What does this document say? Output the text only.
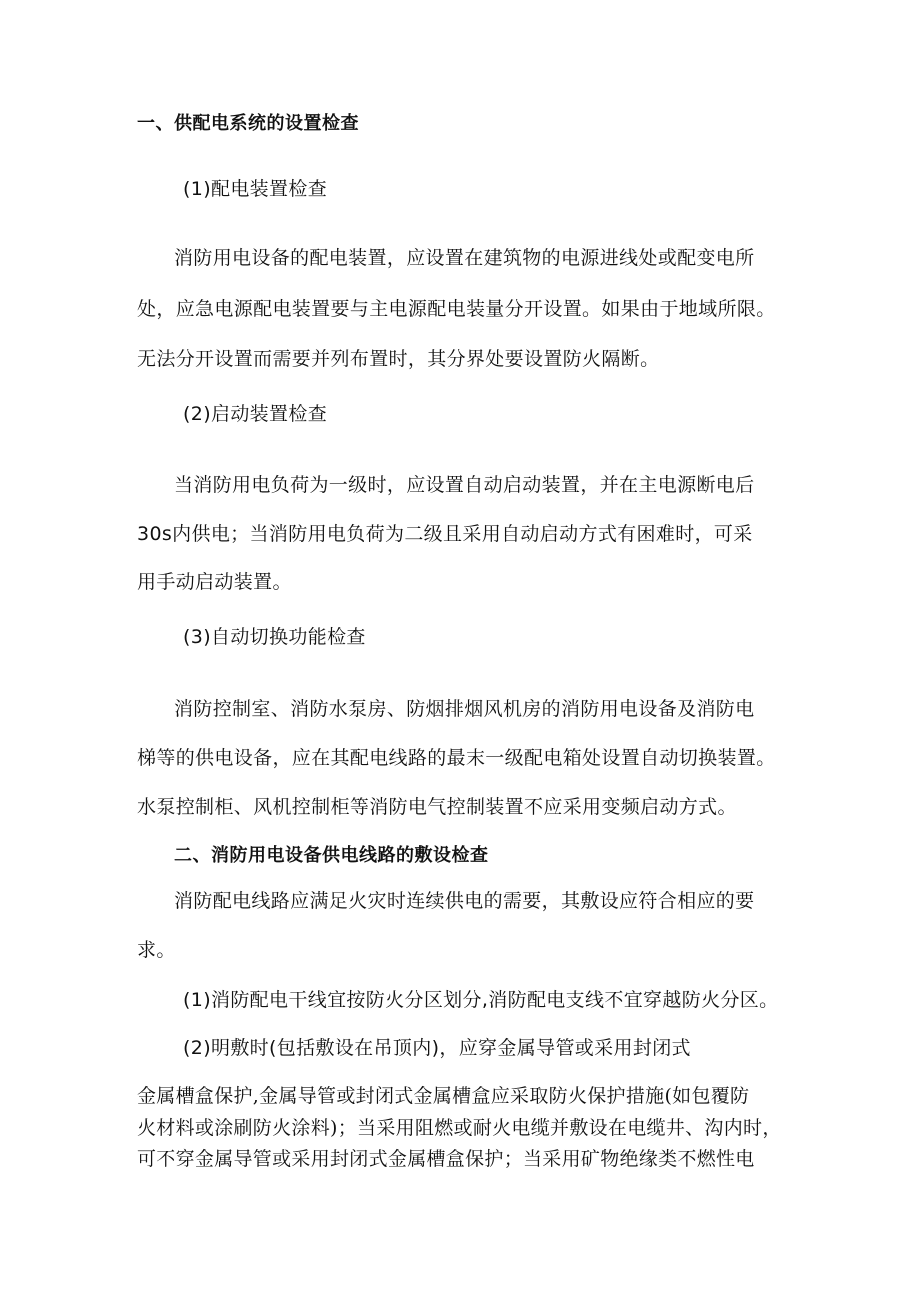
一、供配电系统的设置检查
(1)配电装置检查
消防用电设备的配电装置，应设置在建筑物的电源进线处或配变电所
处，应急电源配电装置要与主电源配电装量分开设置。如果由于地域所限。
无法分开设置而需要并列布置时，其分界处要设置防火隔断。
(2)启动装置检查
当消防用电负荷为一级时，应设置自动启动装置，并在主电源断电后
30s内供电；当消防用电负荷为二级且采用自动启动方式有困难时，可采
用手动启动装置。
(3)自动切换功能检查
消防控制室、消防水泵房、防烟排烟风机房的消防用电设备及消防电
梯等的供电设备，应在其配电线路的最末一级配电箱处设置自动切换装置。
水泵控制柜、风机控制柜等消防电气控制装置不应采用变频启动方式。
二、消防用电设备供电线路的敷设检查
消防配电线路应满足火灾时连续供电的需要，其敷设应符合相应的要
求。
(1)消防配电干线宜按防火分区划分,消防配电支线不宜穿越防火分区。
(2)明敷时(包括敷设在吊顶内)，应穿金属导管或采用封闭式
金属槽盒保护,金属导管或封闭式金属槽盒应采取防火保护措施(如包覆防
火材料或涂刷防火涂料)；当采用阻燃或耐火电缆并敷设在电缆井、沟内时，
可不穿金属导管或采用封闭式金属槽盒保护；当采用矿物绝缘类不燃性电
